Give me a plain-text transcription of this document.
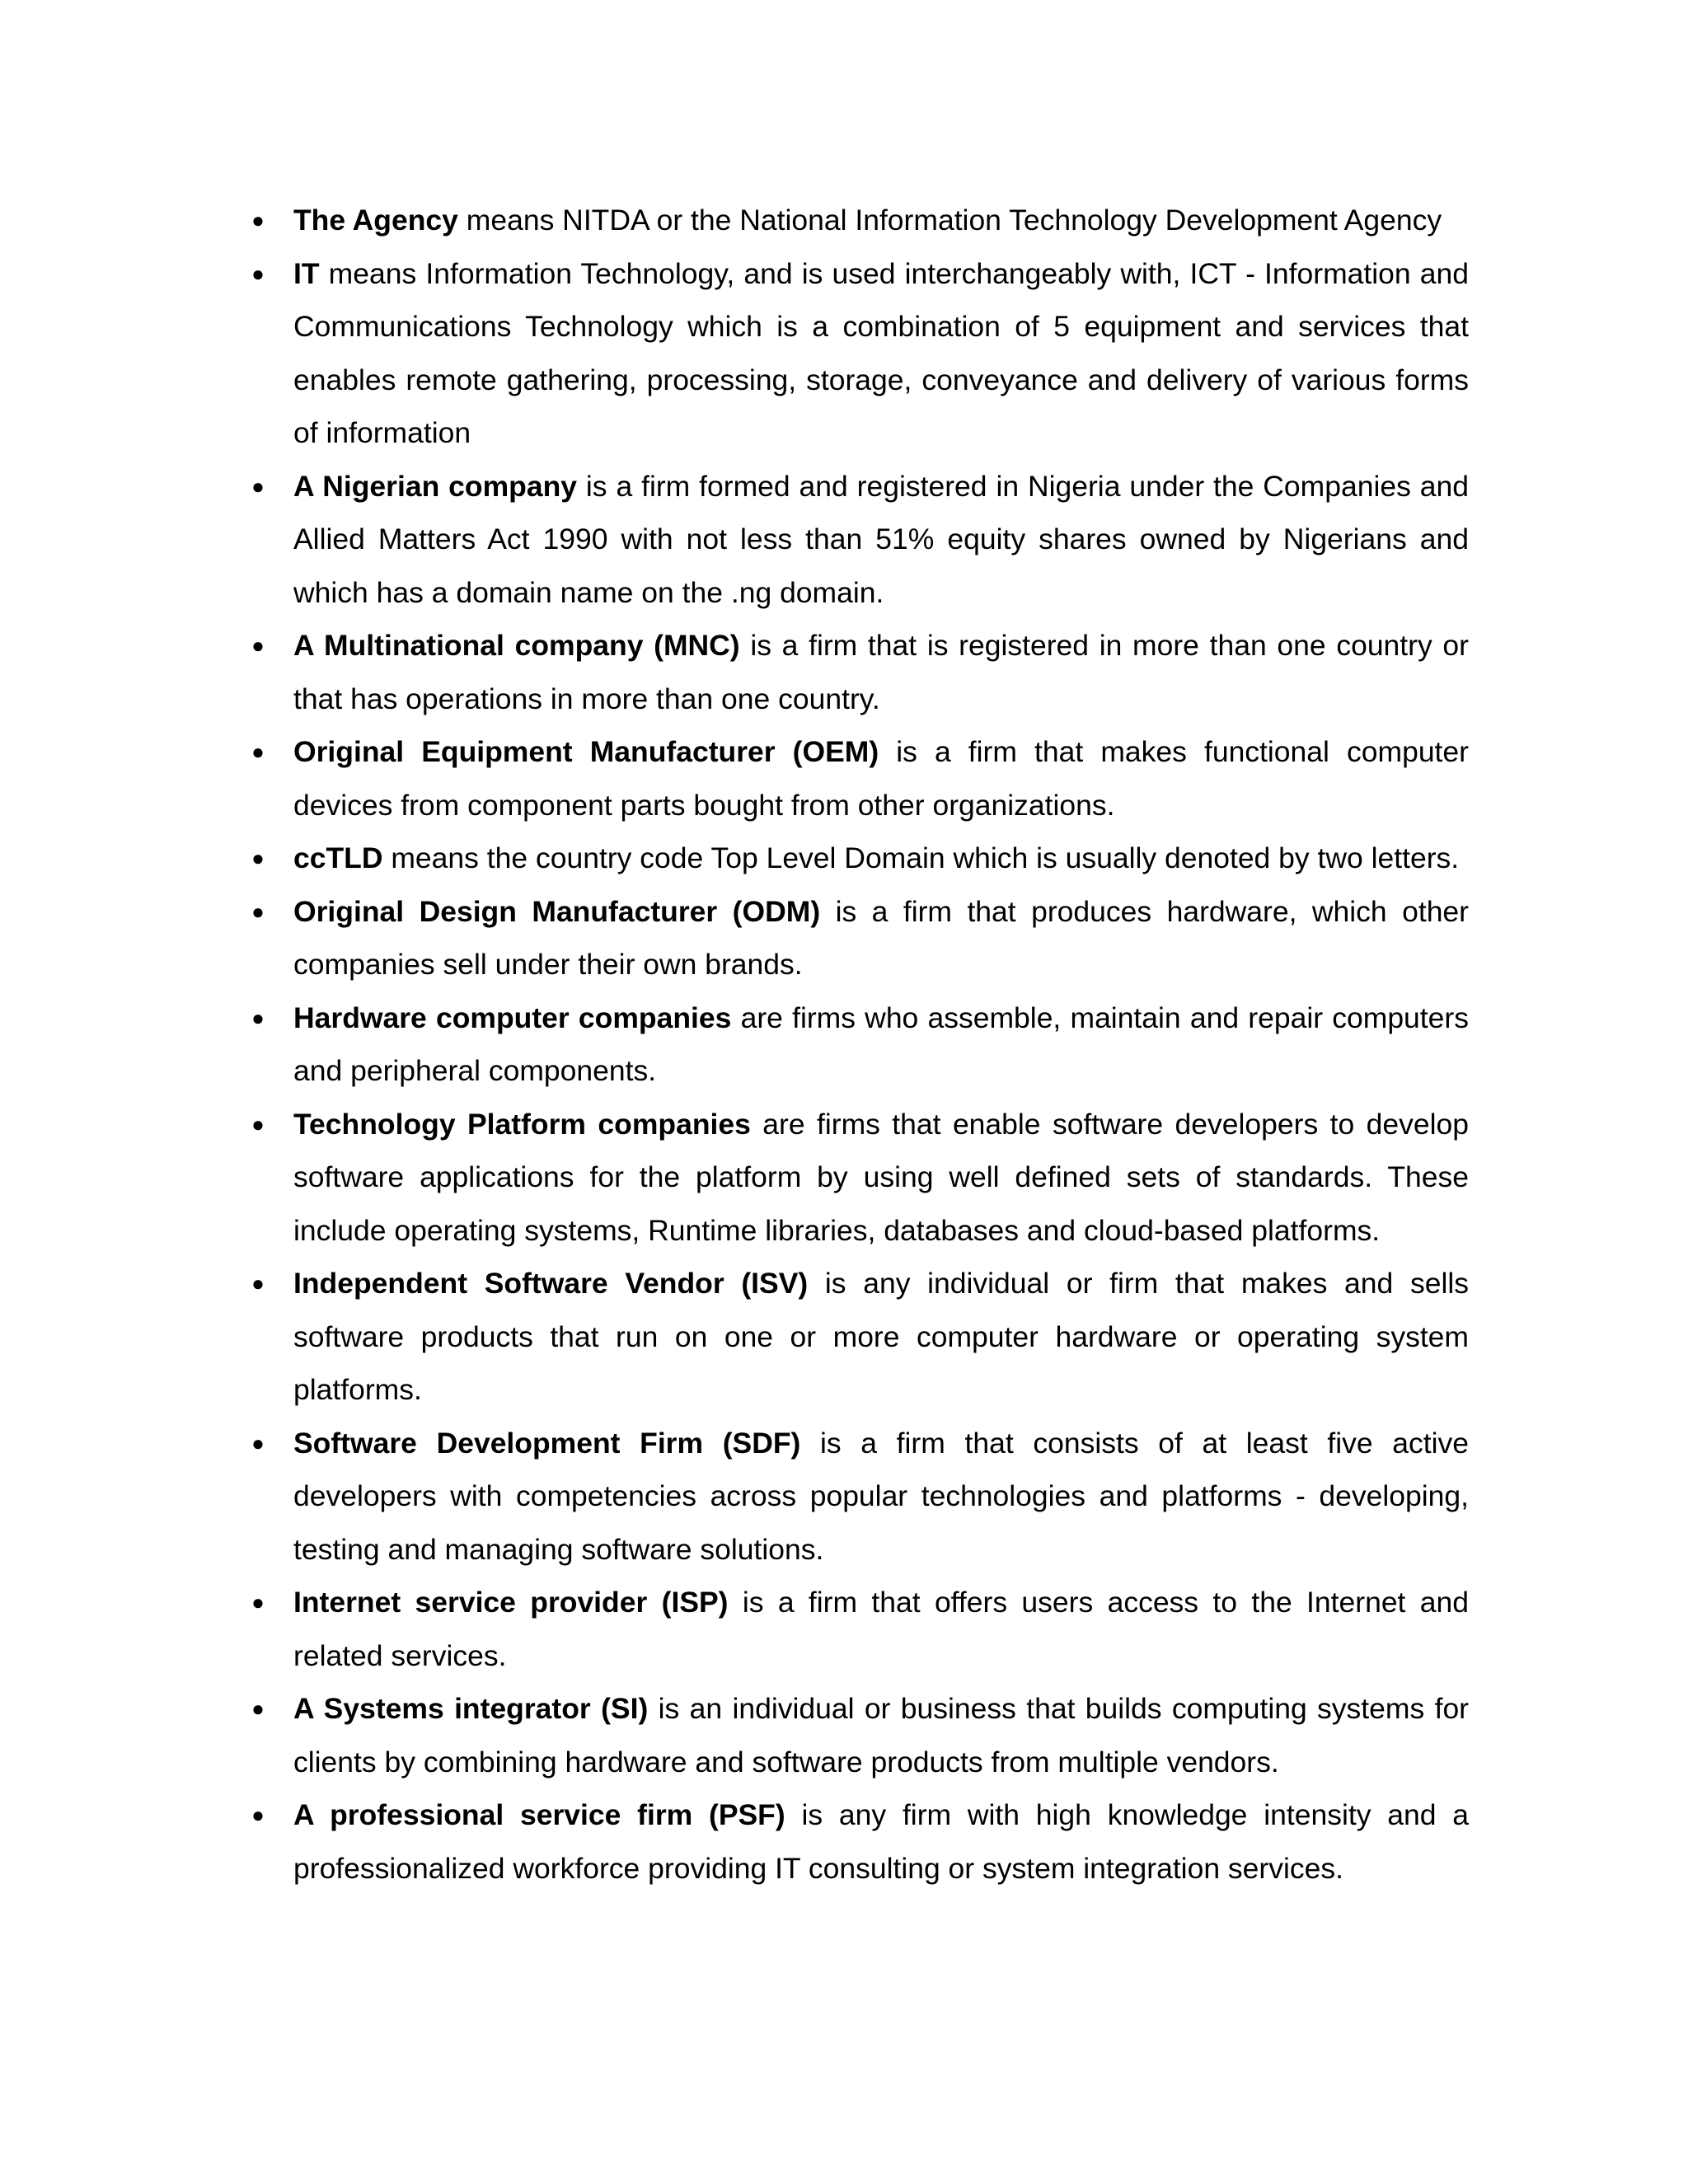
● The Agency means NITDA or the National Information Technology Development Agency
● IT means Information Technology, and is used interchangeably with, ICT - Information and Communications Technology which is a combination of 5 equipment and services that enables remote gathering, processing, storage, conveyance and delivery of various forms of information
● A Nigerian company is a firm formed and registered in Nigeria under the Companies and Allied Matters Act 1990 with not less than 51% equity shares owned by Nigerians and which has a domain name on the .ng domain.
● A Multinational company (MNC) is a firm that is registered in more than one country or that has operations in more than one country.
● Original Equipment Manufacturer (OEM) is a firm that makes functional computer devices from component parts bought from other organizations.
● ccTLD means the country code Top Level Domain which is usually denoted by two letters.
● Original Design Manufacturer (ODM) is a firm that produces hardware, which other companies sell under their own brands.
● Hardware computer companies are firms who assemble, maintain and repair computers and peripheral components.
● Technology Platform companies are firms that enable software developers to develop software applications for the platform by using well defined sets of standards. These include operating systems, Runtime libraries, databases and cloud-based platforms.
● Independent Software Vendor (ISV) is any individual or firm that makes and sells software products that run on one or more computer hardware or operating system platforms.
● Software Development Firm (SDF) is a firm that consists of at least five active developers with competencies across popular technologies and platforms - developing, testing and managing software solutions.
● Internet service provider (ISP) is a firm that offers users access to the Internet and related services.
● A Systems integrator (SI) is an individual or business that builds computing systems for clients by combining hardware and software products from multiple vendors.
● A professional service firm (PSF) is any firm with high knowledge intensity and a professionalized workforce providing IT consulting or system integration services.
